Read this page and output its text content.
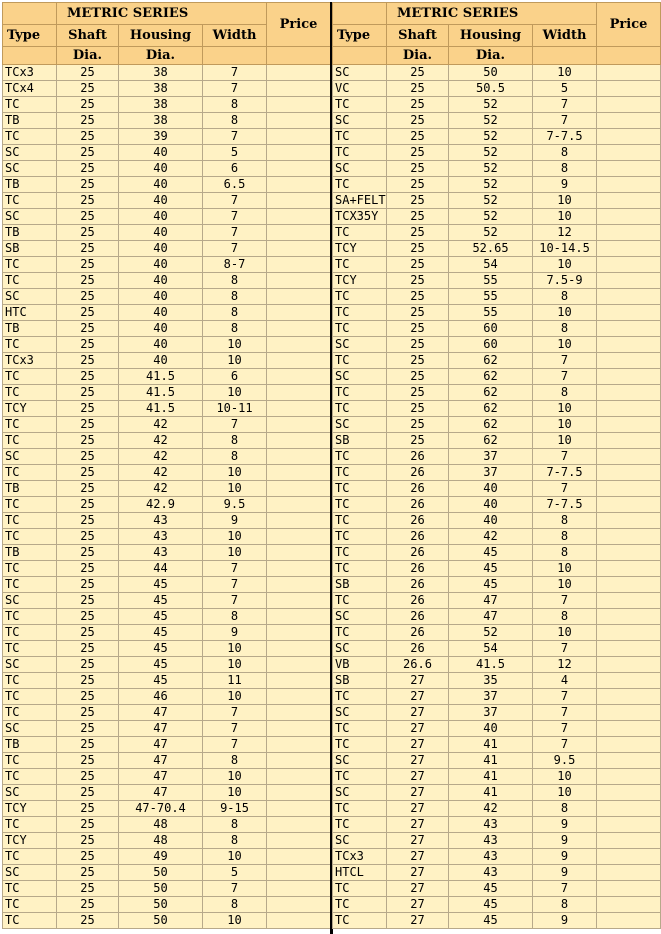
	METRIC SERIES			Price
Type	Shaft	Housing	Width	
	Dia.	Dia.		
TCx3	25	38	7	
TCx4	25	38	7	
TC	25	38	8	
TB	25	38	8	
TC	25	39	7	
SC	25	40	5	
SC	25	40	6	
TB	25	40	6.5	
TC	25	40	7	
SC	25	40	7	
TB	25	40	7	
SB	25	40	7	
TC	25	40	8-7	
TC	25	40	8	
SC	25	40	8	
HTC	25	40	8	
TB	25	40	8	
TC	25	40	10	
TCx3	25	40	10	
TC	25	41.5	6	
TC	25	41.5	10	
TCY	25	41.5	10-11	
TC	25	42	7	
TC	25	42	8	
SC	25	42	8	
TC	25	42	10	
TB	25	42	10	
TC	25	42.9	9.5	
TC	25	43	9	
TC	25	43	10	
TB	25	43	10	
TC	25	44	7	
TC	25	45	7	
SC	25	45	7	
TC	25	45	8	
TC	25	45	9	
TC	25	45	10	
SC	25	45	10	
TC	25	45	11	
TC	25	46	10	
TC	25	47	7	
SC	25	47	7	
TB	25	47	7	
TC	25	47	8	
TC	25	47	10	
SC	25	47	10	
TCY	25	47-70.4	9-15	
TC	25	48	8	
TCY	25	48	8	
TC	25	49	10	
SC	25	50	5	
TC	25	50	7	
TC	25	50	8	
TC	25	50	10	
	METRIC SERIES			Price
Type	Shaft	Housing	Width	
	Dia.	Dia.		
SC	25	50	10	
VC	25	50.5	5	
TC	25	52	7	
SC	25	52	7	
TC	25	52	7-7.5	
TC	25	52	8	
SC	25	52	8	
TC	25	52	9	
SA+FELT	25	52	10	
TCX35Y	25	52	10	
TC	25	52	12	
TCY	25	52.65	10-14.5	
TC	25	54	10	
TCY	25	55	7.5-9	
TC	25	55	8	
TC	25	55	10	
TC	25	60	8	
SC	25	60	10	
TC	25	62	7	
SC	25	62	7	
TC	25	62	8	
TC	25	62	10	
SC	25	62	10	
SB	25	62	10	
TC	26	37	7	
TC	26	37	7-7.5	
TC	26	40	7	
TC	26	40	7-7.5	
TC	26	40	8	
TC	26	42	8	
TC	26	45	8	
TC	26	45	10	
SB	26	45	10	
TC	26	47	7	
SC	26	47	8	
TC	26	52	10	
SC	26	54	7	
VB	26.6	41.5	12	
SB	27	35	4	
TC	27	37	7	
SC	27	37	7	
TC	27	40	7	
TC	27	41	7	
SC	27	41	9.5	
TC	27	41	10	
SC	27	41	10	
TC	27	42	8	
TC	27	43	9	
SC	27	43	9	
TCx3	27	43	9	
HTCL	27	43	9	
TC	27	45	7	
TC	27	45	8	
TC	27	45	9	
